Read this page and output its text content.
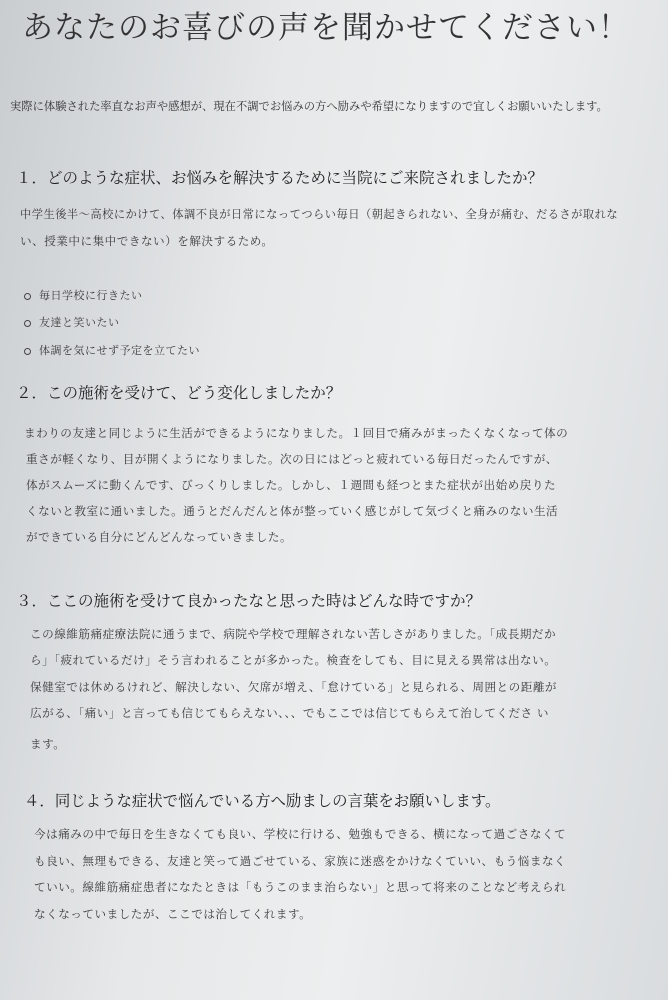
あなたのお喜びの声を聞かせてください！
実際に体験された率直なお声や感想が、現在不調でお悩みの方へ励みや希望になりますので宜しくお願いいたします。
１．どのような症状、お悩みを解決するために当院にご来院されましたか？
中学生後半～高校にかけて、体調不良が日常になってつらい毎日（朝起きられない、全身が痛む、だるさが取れな
い、授業中に集中できない）を解決するため。
毎日学校に行きたい
友達と笑いたい
体調を気にせず予定を立てたい
２．この施術を受けて、どう変化しましたか？
まわりの友達と同じように生活ができるようになりました。１回目で痛みがまったくなくなって体の
重さが軽くなり、目が開くようになりました。次の日にはどっと疲れている毎日だったんですが、
体がスムーズに動くんです、びっくりしました。しかし、１週間も経つとまた症状が出始め戻りた
くないと教室に通いました。通うとだんだんと体が整っていく感じがして気づくと痛みのない生活
ができている自分にどんどんなっていきました。
３．ここの施術を受けて良かったなと思った時はどんな時ですか？
この線維筋痛症療法院に通うまで、病院や学校で理解されない苦しさがありました。「成長期だか
ら」「疲れているだけ」そう言われることが多かった。検査をしても、目に見える異常は出ない。
保健室では休めるけれど、解決しない、欠席が増え、「怠けている」と見られる、周囲との距離が
広がる、「痛い」と言っても信じてもらえない、、、でもここでは信じてもらえて治してくださ い
ます。
４．同じような症状で悩んでいる方へ励ましの言葉をお願いします。
今は痛みの中で毎日を生きなくても良い、学校に行ける、勉強もできる、横になって過ごさなくて
も良い、無理もできる、友達と笑って過ごせている、家族に迷惑をかけなくていい、もう悩まなく
ていい。線維筋痛症患者になたときは「もうこのまま治らない」と思って将来のことなど考えられ
なくなっていましたが、ここでは治してくれます。
